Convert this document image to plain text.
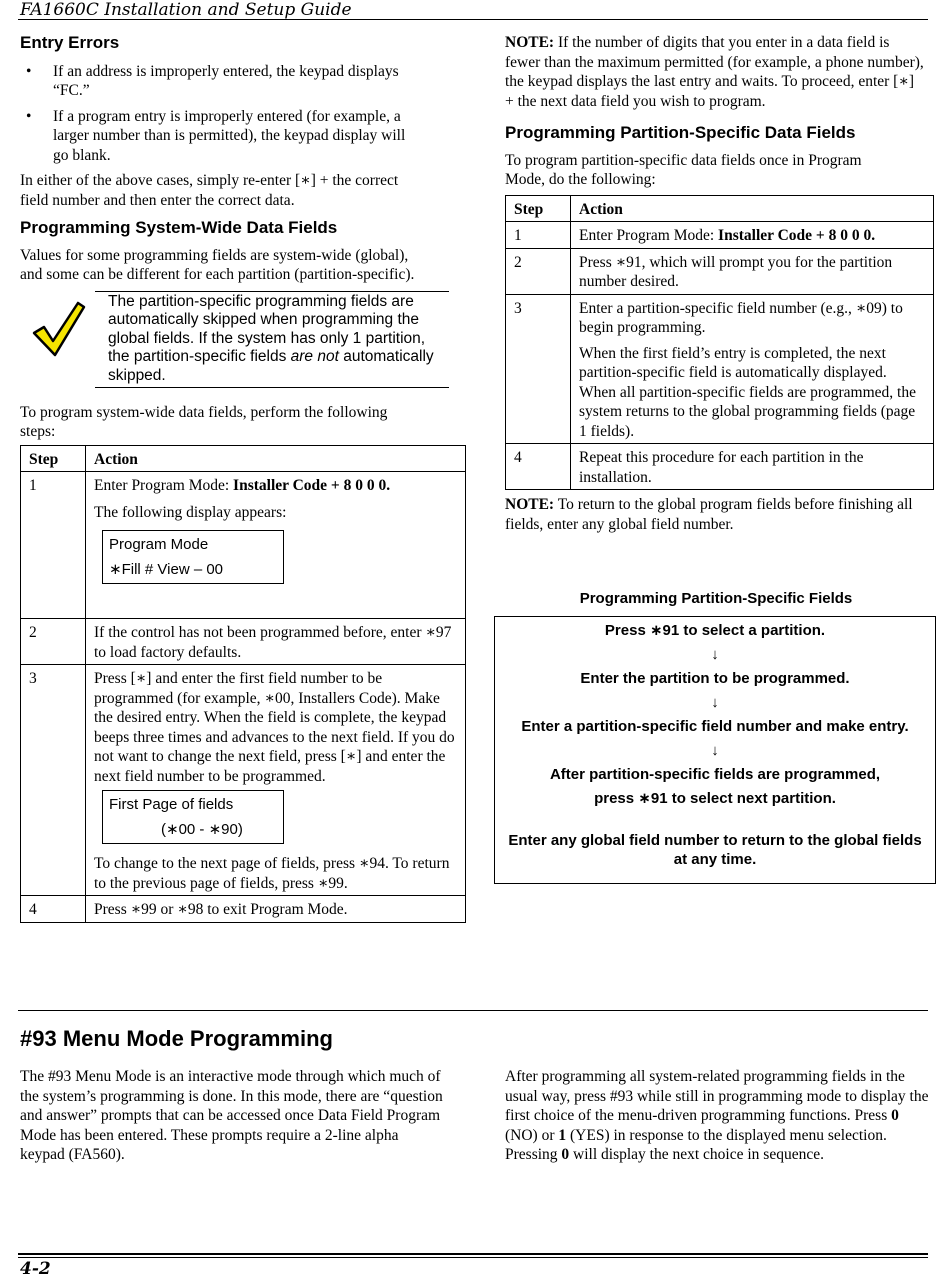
FA1660C Installation and Setup Guide
Entry Errors
• If an address is improperly entered, the keypad displays “FC.”
• If a program entry is improperly entered (for example, a larger number than is permitted), the keypad display will go blank.

In either of the above cases, simply re-enter [∗] + the correct field number and then enter the correct data.

Programming System-Wide Data Fields

Values for some programming fields are system-wide (global), and some can be different for each partition (partition-specific).

The partition-specific programming fields are automatically skipped when programming the global fields. If the system has only 1 partition, the partition-specific fields are not automatically skipped.

To program system-wide data fields, perform the following steps:

Step	Action
1	Enter Program Mode: Installer Code + 8 0 0 0.
The following display appears:
Program Mode
∗Fill # View – 00

2	If the control has not been programmed before, enter ∗97 to load factory defaults.
3	Press [∗] and enter the first field number to be programmed (for example, ∗00, Installers Code). Make the desired entry. When the field is complete, the keypad beeps three times and advances to the next field. If you do not want to change the next field, press [∗] and enter the next field number to be programmed.
First Page of fields
(∗00 - ∗90)
To change to the next page of fields, press ∗94. To return to the previous page of fields, press ∗99.

4	Press ∗99 or ∗98 to exit Program Mode.

NOTE: If the number of digits that you enter in a data field is fewer than the maximum permitted (for example, a phone number), the keypad displays the last entry and waits. To proceed, enter [∗] + the next data field you wish to program.

Programming Partition-Specific Data Fields

To program partition-specific data fields once in Program Mode, do the following:

Step	Action
1	Enter Program Mode: Installer Code + 8 0 0 0.
2	Press ∗91, which will prompt you for the partition number desired.
3	Enter a partition-specific field number (e.g., ∗09) to begin programming.
When the first field’s entry is completed, the next partition-specific field is automatically displayed. When all partition-specific fields are programmed, the system returns to the global programming fields (page 1 fields).

4	Repeat this procedure for each partition in the installation.

NOTE: To return to the global program fields before finishing all fields, enter any global field number.

Programming Partition-Specific Fields
Press ∗91 to select a partition.
↓
Enter the partition to be programmed.
↓
Enter a partition-specific field number and make entry.
↓
After partition-specific fields are programmed,
press ∗91 to select next partition.
Enter any global field number to return to the global fields at any time.
#93 Menu Mode Programming

The #93 Menu Mode is an interactive mode through which much of the system’s programming is done. In this mode, there are “question and answer” prompts that can be accessed once Data Field Program Mode has been entered. These prompts require a 2-line alpha keypad (FA560).

After programming all system-related programming fields in the usual way, press #93 while still in programming mode to display the first choice of the menu-driven programming functions. Press 0 (NO) or 1 (YES) in response to the displayed menu selection. Pressing 0 will display the next choice in sequence.

4-2
